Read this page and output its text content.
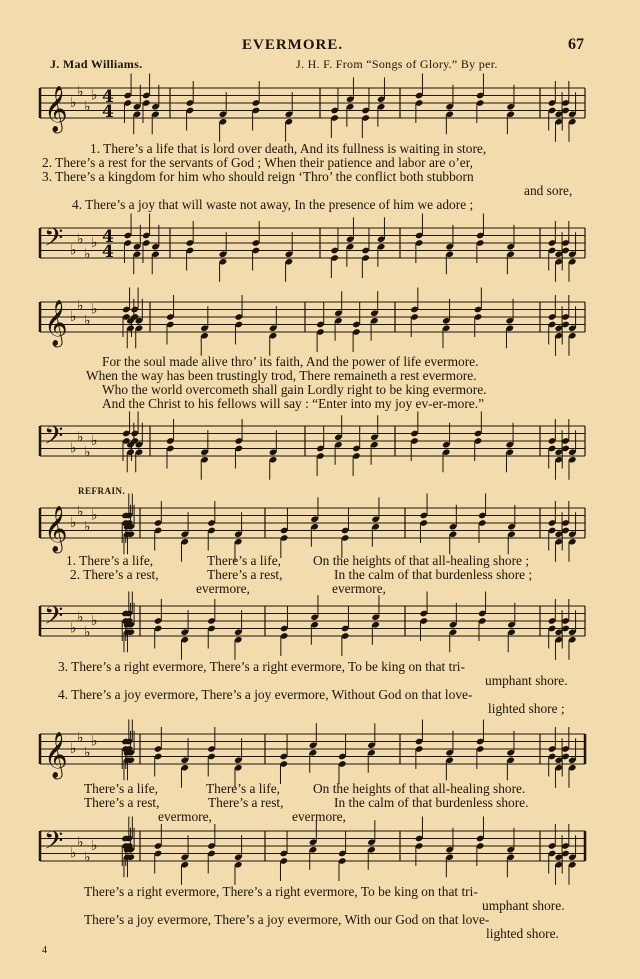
EVERMORE.	67
J. Mad Williams.	J. H. F. From “Songs of Glory.” By per.
𝄞 ♭
♭
♭
♭ 4
4
1. There’s a life that is lord over death, And its fullness is waiting in store,
2. There’s a rest for the servants of God ; When their patience and labor are o’er,
3. There’s a kingdom for him who should reign ‘Thro’ the conflict both stubborn
and sore,
4. There’s a joy that will waste not away, In the presence of him we adore ;
𝄢 ♭
♭
♭
♭ 4
4
𝄞 ♭
♭
♭
♭
For the soul made alive thro’ its faith, And the power of life evermore.
When the way has been trustingly trod, There remaineth a rest evermore.
Who the world overcometh shall gain Lordly right to be king evermore.
And the Christ to his fellows will say : “Enter into my joy ev-er-more.”
𝄢 ♭
♭
♭
♭
REFRAIN.
𝄞 ♭
♭
♭
♭
1. There’s a life,	There’s a life, On the heights of that all-healing shore ;
2. There’s a rest,	There’s a rest,	In the calm of that burdenless shore ;
evermore,	evermore,
𝄢 ♭
♭
♭
♭
3. There’s a right evermore, There’s a right evermore, To be king on that tri-
umphant shore.
4. There’s a joy evermore, There’s a joy evermore, Without God on that love-
lighted shore ;
𝄞 ♭
♭
♭
♭
There’s a life,	There’s a life, On the heights of that all-healing shore.
There’s a rest,	There’s a rest,	In the calm of that burdenless shore.
evermore,	evermore,
𝄢 ♭
♭
♭
♭
There’s a right evermore, There’s a right evermore, To be king on that tri-
umphant shore.
There’s a joy evermore, There’s a joy evermore, With our God on that love-
lighted shore.
4
